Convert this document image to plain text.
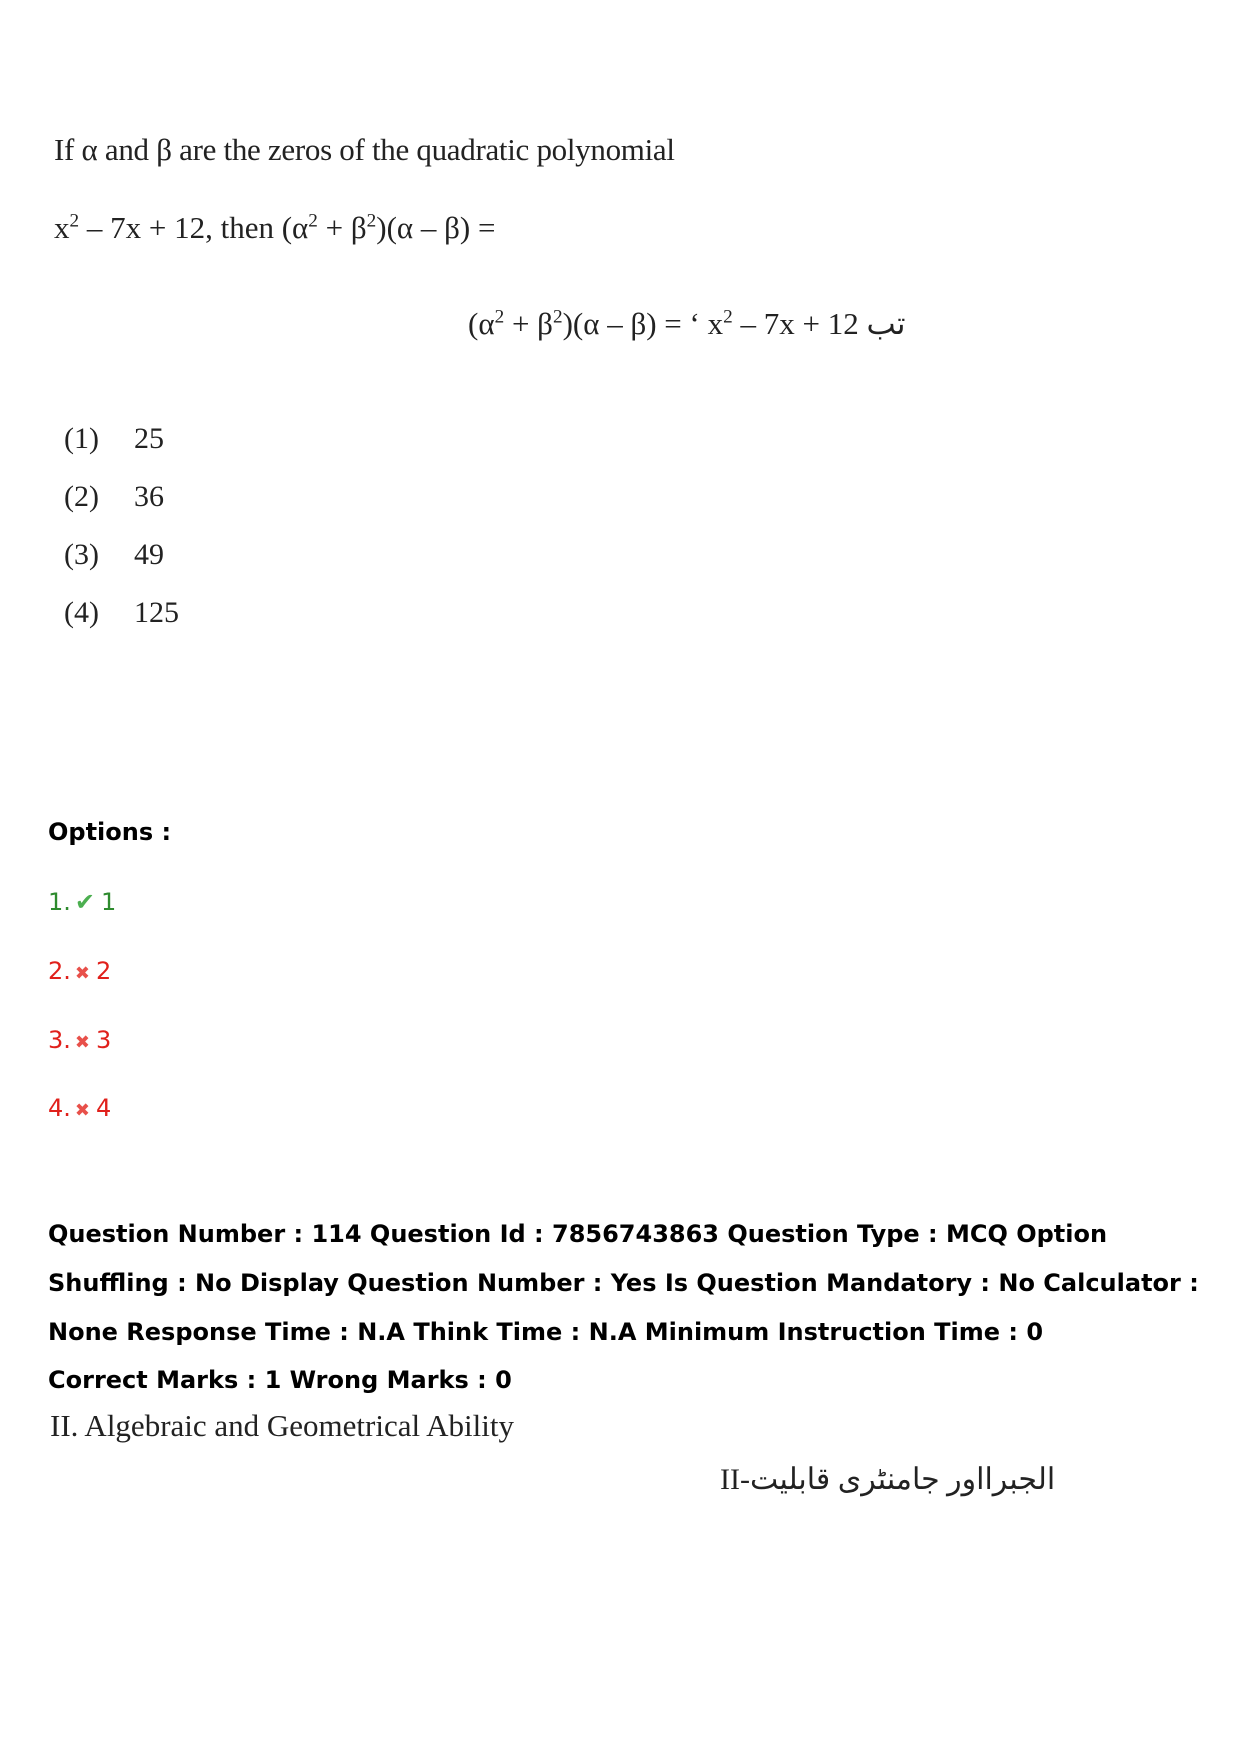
If α and β are the zeros of the quadratic polynomial
$x^2 - 7x + 12$, then $(\alpha^2 + \beta^2)(\alpha - \beta)$ =
$(\alpha^2 + \beta^2)(\alpha - \beta)$ = ‘ $x^2 - 7x + 12$ تب
(1) 25
(2) 36
(3) 49
(4) 125
Options :
1. ✔ 1
2. ✖ 2
3. ✖ 3
4. ✖ 4
Question Number : 114 Question Id : 7856743863 Question Type : MCQ Option Shuffling : No Display Question Number : Yes Is Question Mandatory : No Calculator : None Response Time : N.A Think Time : N.A Minimum Instruction Time : 0
Correct Marks : 1 Wrong Marks : 0
II. Algebraic and Geometrical Ability
II-الجبرااور جامنٹری قابلیت
